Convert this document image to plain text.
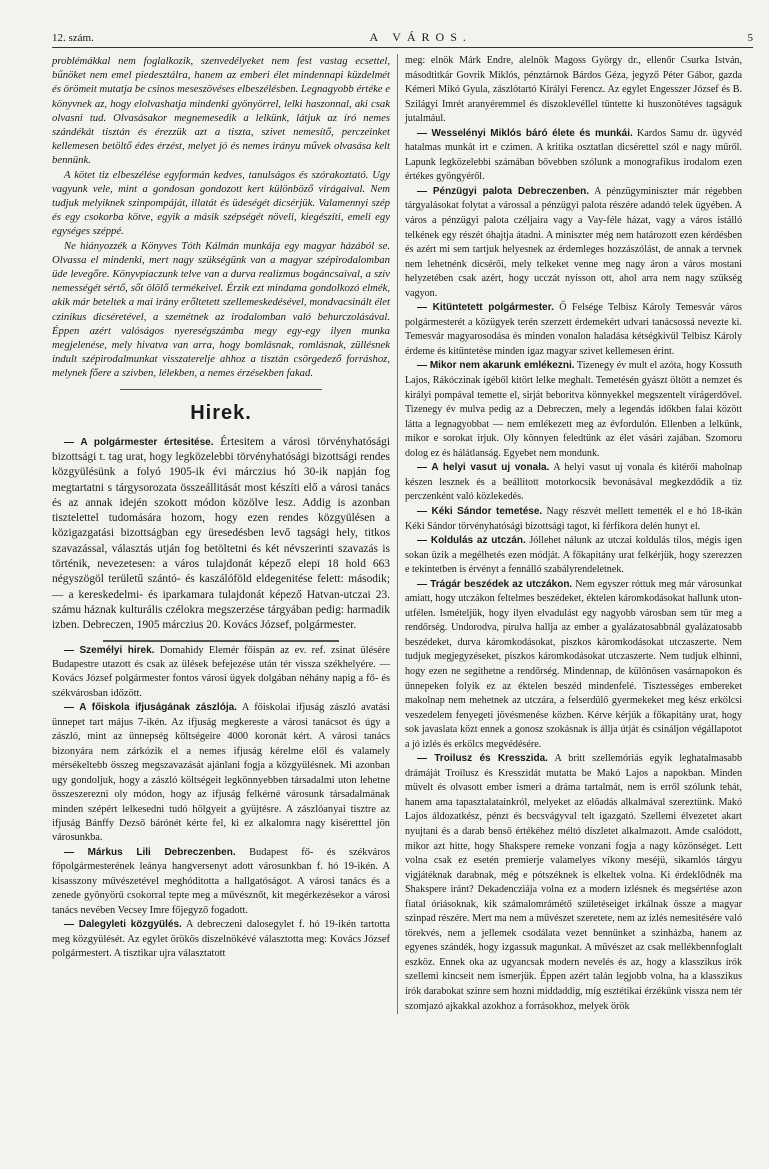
12. szám.	A VÁROS.	5

problémákkal nem foglalkozik, szenvedélyeket nem fest vastag ecsettel, bűnöket nem emel piedesztálra, hanem az emberi élet mindennapi küzdelmét és örömeit mutatja be csinos meseszövéses elbeszélésben. Legnagyobb értéke e könyvnek az, hogy elolvashatja mindenki gyönyörrel, lelki haszonnal, aki csak olvasni tud. Olvasásakor megnemesedik a lelkünk, látjuk az író nemes szándékát tisztán és érezzük azt a tiszta, szivet nemesítő, perczeinket kellemesen betöltő édes érzést, melyet jó és nemes irányu művek olvasása kelt bennünk.

A kötet tiz elbeszélése egyformán kedves, tanulságos és szórakoztató. Ugy vagyunk vele, mint a gondosan gondozott kert különböző virágaival. Nem tudjuk melyiknek szinpompáját, illatát és üdeségét dicsérjük. Valamennyi szép és egy csokorba kötve, egyik a másik szépségét növeli, kiegészíti, emeli egy egységes széppé.

Ne hiányozzék a Könyves Tóth Kálmán munkája egy magyar házából se. Olvassa el mindenki, mert nagy szükségünk van a magyar szépirodalomban üde levegőre. Könyvpiaczunk telve van a durva realizmus bogáncsaival, a sziv nemességét sértő, sőt ölölő termékeivel. Érzik ezt mindama gondolkozó elmék, akik már beteltek a mai irány erőltetett szellemeskedésével, mondvacsinált élet czinikus dicséretével, a szemétnek az irodalomban való behurczolásával. Éppen azért valóságos nyereségszámba megy egy-egy ilyen munka megjelenése, mely hivatva van arra, hogy bomlásnak, romlásnak, züllésnek indult szépirodalmunkat visszaterelje ahhoz a tisztán csörgedező forráshoz, melynek főere a szivben, lélekben, a nemes érzésekben fakad.

Hirek.

— A polgármester értesitése. Értesitem a városi törvényhatósági bizottsági t. tag urat, hogy legközelebbi törvényhatósági bizottsági rendes közgyülésünk a folyó 1905-ik évi márczius hó 30-ik napján fog megtartatni s tárgysorozata összeállitását most készíti elő a városi tanács és az annak idején szokott módon közölve lesz. Addig is azonban tisztelettel tudomására hozom, hogy ezen rendes közgyülésen a közigazgatási bizottságban egy üresedésben levő tagsági hely, titkos szavazással, választás utján fog betöltetni és két névszerinti szavazás is történik, nevezetesen: a város tulajdonát képező elepi 18 hold 663 négyszögöl területű szántó- és kaszálóföld eldegenitése felett: második; — a kereskedelmi- és iparkamara tulajdonát képező Hatvan-utczai 23. számu háznak kulturális czélokra megszerzése tárgyában pedig: harmadik izben. Debreczen, 1905 márczius 20. Kovács József, polgármester.

— Személyi hirek. Domahidy Elemér főispán az ev. ref. zsinat ülésére Budapestre utazott és csak az ülések befejezése után tér vissza székhelyére. — Kovács József polgármester fontos városi ügyek dolgában néhány napig a fő- és székvárosban időzött.

— A főiskola ifjuságának zászlója. A főiskolai ifjuság zászló avatási ünnepet tart május 7-ikén. Az ifjuság megkereste a városi tanácsot és úgy a zászló, mint az ünnepség költségeire 4000 koronát kért. A városi tanács bizonyára nem zárkózik el a nemes ifjuság kérelme elől és valamely mérsékeltebb összeg megszavazását ajánlani fogja a közgyülésnek. Mi azonban ugy gondoljuk, hogy a zászló költségeit legkönnyebben társadalmi uton lehetne összeszerezni oly módon, hogy az ifjuság felkérné városunk társadalmának minden szépért lelkesedni tudó hölgyeit a gyüjtésre. A zászlóanyai tisztre az ifjuság Bánffy Dezső bárónét kérte fel, ki ez alkalomra nagy kiséretttel jön városunkba.

— Márkus Lili Debreczenben. Budapest fő- és székváros főpolgármesterének leánya hangversenyt adott városunkban f. hó 19-ikén. A kisasszony művészetével meghóditotta a hallgatóságot. A városi tanács és a zenede gyönyörű csokorral tepte meg a művésznőt, kit megérkezésekor a városi tanács nevében Vecsey Imre főjegyző fogadott.

— Dalegyleti közgyülés. A debreczeni dalosegylet f. hó 19-ikén tartotta meg közgyülését. Az egylet örökös diszelnökévé választotta meg: Kovács József polgármestert. A tisztikar ujra választatott

meg: elnök Márk Endre, alelnök Magoss György dr., ellenőr Csurka István, másodtitkár Govrik Miklós, pénztárnok Bárdos Géza, jegyző Péter Gábor, gazda Kémeri Mikó Gyula, zászlótartó Királyi Ferencz. Az egylet Engesszer József és B. Szilágyi Imrét aranyéremmel és diszoklevéllel tüntette ki huszonötéves tagságuk jutalmául.

— Wesselényi Miklós báró élete és munkái. Kardos Samu dr. ügyvéd hatalmas munkát irt e czimen. A kritika osztatlan dicsérettel szól e nagy műről. Lapunk legközelebbi számában bővebben szólunk a monografikus irodalom ezen értékes gyöngyéről.

— Pénzügyi palota Debreczenben. A pénzügyminiszter már régebben tárgyalásokat folytat a várossal a pénzügyi palota részére adandó telek ügyében. A város a pénzügyi palota czéljaira vagy a Vay-féle házat, vagy a város istálló telkének egy részét óhajtja átadni. A miniszter még nem határozott ezen kérdésben és azért mi sem tartjuk helyesnek az érdemleges hozzászólást, de annak a tervnek nem lehetnénk dicsérői, mely telkeket venne meg nagy áron a város mostani helyzetében csak azért, hogy ucczát nyisson ott, ahol arra nem nagy szükség vagyon.

— Kitüntetett polgármester. Ő Felsége Telbisz Károly Temesvár város polgármesterét a közügyek terén szerzett érdemekért udvari tanácsossá nevezte ki. Temesvár magyarosodása és minden vonalon haladása kétségkivül Telbisz Károly érdeme és kitüntetése minden igaz magyar szivet kellemesen érint.

— Mikor nem akarunk emlékezni. Tizenegy év mult el azóta, hogy Kossuth Lajos, Rákóczinak ígéből kitört lelke meghalt. Temetésén gyászt öltött a nemzet és királyi pompával temette el, sirját beboritva könnyekkel megszentelt virágerdővel. Tizenegy év mulva pedig az a Debreczen, mely a legendás időkben falai között látta a legnagyobbat — nem emlékezett meg az évfordulón. Ellenben a lelkünk, mikor e sorokat irjuk. Oly könnyen feledtünk az élet vásári zajában. Szomoru dolog ez és hálátlanság. Egyebet nem mondunk.

— A helyi vasut uj vonala. A helyi vasut uj vonala és kitérői maholnap készen lesznek és a beállitott motorkocsik bevonásával megkezdődik a tiz perczenként való közlekedés.

— Kéki Sándor temetése. Nagy részvét mellett temették el e hó 18-ikán Kéki Sándor törvényhatósági bizottsági tagot, ki férfikora delén hunyt el.

— Koldulás az utczán. Jóllehet nálunk az utczai koldulás tilos, mégis igen sokan üzik a megélhetés ezen módját. A főkapitány urat felkérjük, hogy szerezzen e tekintetben is érvényt a fennálló szabályrendeletnek.

— Trágár beszédek az utczákon. Nem egyszer róttuk meg már városunkat amiatt, hogy utczákon feltelmes beszédeket, éktelen káromkodásokat hallunk uton-utfélen. Ismételjük, hogy ilyen elvadulást egy nagyobb városban sem tür meg a rendőrség. Undorodva, pirulva hallja az ember a gyalázatosabbnál gyalázatosabb beszédeket, durva káromkodásokat, piszkos káromkodásokat utczaszerte. Nem tudjuk megjegyzéseket, piszkos káromkodásokat utczaszerte. Nem tudjuk elhinni, hogy ezen ne segíthetne a rendőrség. Mindennap, de különösen vasárnapokon és ünnepeken folyik ez az éktelen beszéd mindenfelé. Tisztességes embereket makolnap nem mehetnek az utczára, a felserdülő gyermekeket meg kész erkölcsi veszedelem fenyegeti jövésmenése közben. Kérve kérjük a főkapitány urat, hogy sok javaslata közt ennek a gonosz szokásnak is állja útját és csináljon végállapotot a jó izlés és erkölcs megvédésére.

— Troilusz és Kresszida. A britt szellemóriás egyik leghatalmasabb drámáját Troilusz és Kresszidát mutatta be Makó Lajos a napokban. Minden müvelt és olvasott ember ismeri a dráma tartalmát, nem is erről szólunk tehát, hanem ama tapasztalatainkról, melyeket az előadás alkalmával szereztünk. Makó Lajos áldozatkész, pénzt és becsvágyval telt igazgató. Szellemi élvezetet akart nyujtani és a darab benső értékéhez méltó díszletet alkalmazott. Amde csalódott, mikor azt hitte, hogy Shakspere remeke vonzani fogja a nagy közönséget. Lett volna csak ez esetén premierje valamelyes víkony meséjü, sikamlós tárgyu vigjátéknak darabnak, még e pótszéknek is elkeltek volna. Ki érdeklődnék ma Shakspere iránt? Dekadencziája volna ez a modern izlésnek és megsértése azon fiatal óriásoknak, kik számalomrámétő születéseiget irkálnak össze a magyar szinpad részére. Mert ma nem a művészet szeretete, nem az izlés nemesitésére való törekvés, nem a jellemek csodálata vezet bennünket a szinházba, hanem az egyenes szándék, hogy izgassuk magunkat. A művészet az csak mellékbennfoglalt eszköz. Ennek oka az ugyancsak modern nevelés és az, hogy a klasszikus írók szellemi kincseit nem ismerjük. Éppen azért talán legjobb volna, ha a klasszikus írók darabokat szinre sem hozni middaddig, míg esztétikai érzékünk vissza nem tér szomjazó ajkakkal azokhoz a forrásokhoz, melyek örök
